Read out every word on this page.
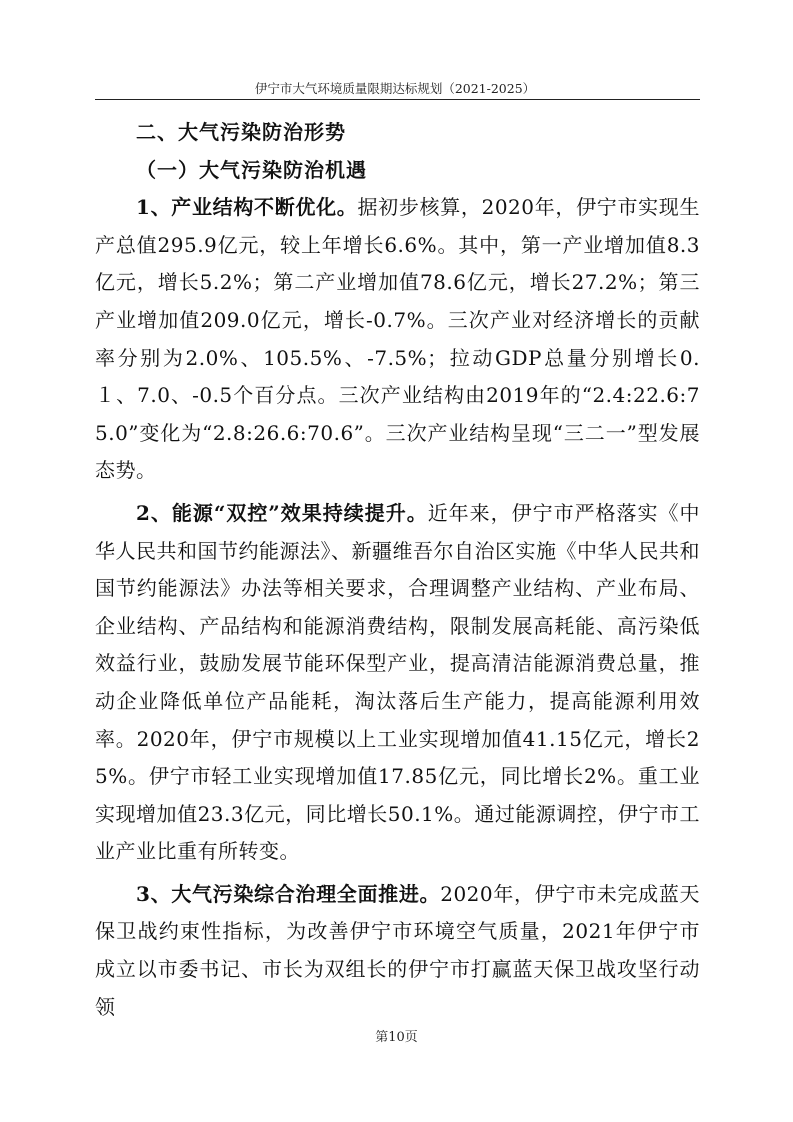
伊宁市大气环境质量限期达标规划（2021-2025）
二、大气污染防治形势
（一）大气污染防治机遇

1、产业结构不断优化。据初步核算，2020年，伊宁市实现生产总值295.9亿元，较上年增长6.6%。其中，第一产业增加值8.3亿元，增长5.2%；第二产业增加值78.6亿元，增长27.2%；第三产业增加值209.0亿元，增长-0.7%。三次产业对经济增长的贡献率分别为2.0%、105.5%、-7.5%；拉动GDP总量分别增长0.１、7.0、-0.5个百分点。三次产业结构由2019年的“2.4:22.6:75.0”变化为“2.8:26.6:70.6”。三次产业结构呈现“三二一”型发展态势。

2、能源“双控”效果持续提升。近年来，伊宁市严格落实《中华人民共和国节约能源法》、新疆维吾尔自治区实施《中华人民共和国节约能源法》办法等相关要求，合理调整产业结构、产业布局、企业结构、产品结构和能源消费结构，限制发展高耗能、高污染低效益行业，鼓励发展节能环保型产业，提高清洁能源消费总量，推动企业降低单位产品能耗，淘汰落后生产能力，提高能源利用效率。2020年，伊宁市规模以上工业实现增加值41.15亿元，增长25%。伊宁市轻工业实现增加值17.85亿元，同比增长2%。重工业实现增加值23.3亿元，同比增长50.1%。通过能源调控，伊宁市工业产业比重有所转变。

3、大气污染综合治理全面推进。2020年，伊宁市未完成蓝天保卫战约束性指标，为改善伊宁市环境空气质量，2021年伊宁市成立以市委书记、市长为双组长的伊宁市打赢蓝天保卫战攻坚行动领

第10页
